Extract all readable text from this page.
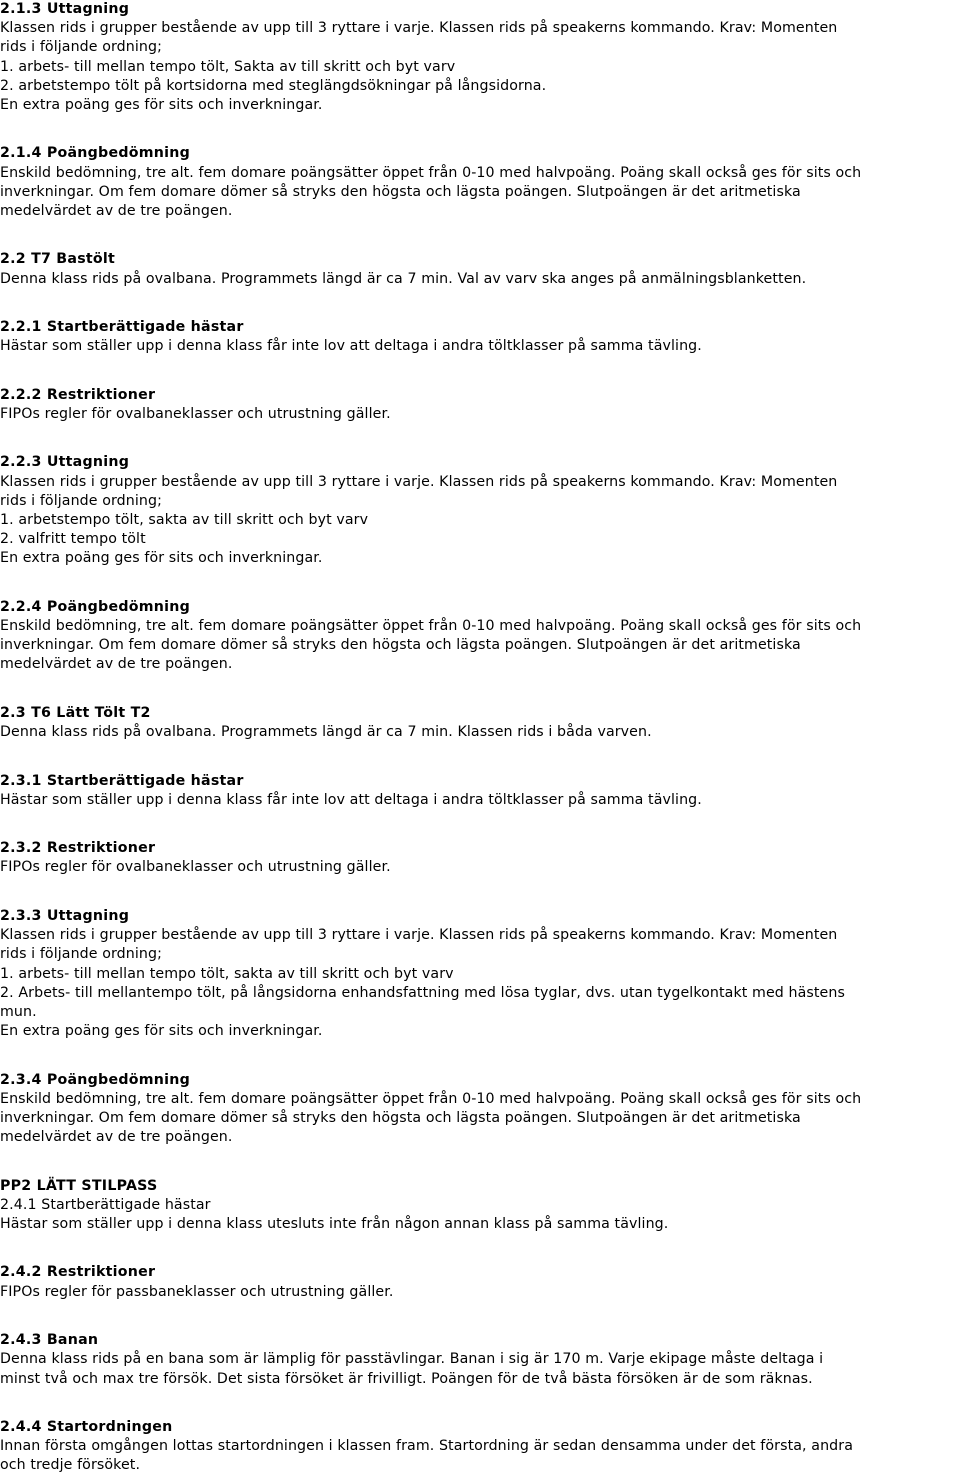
2.1.3 Uttagning
Klassen rids i grupper bestående av upp till 3 ryttare i varje. Klassen rids på speakerns kommando. Krav: Momenten
rids i följande ordning;
1. arbets- till mellan tempo tölt, Sakta av till skritt och byt varv
2. arbetstempo tölt på kortsidorna med steglängdsökningar på långsidorna.
En extra poäng ges för sits och inverkningar.
2.1.4 Poängbedömning
Enskild bedömning, tre alt. fem domare poängsätter öppet från 0-10 med halvpoäng. Poäng skall också ges för sits och
inverkningar. Om fem domare dömer så stryks den högsta och lägsta poängen. Slutpoängen är det aritmetiska
medelvärdet av de tre poängen.
2.2 T7 Bastölt
Denna klass rids på ovalbana. Programmets längd är ca 7 min. Val av varv ska anges på anmälningsblanketten.
2.2.1 Startberättigade hästar
Hästar som ställer upp i denna klass får inte lov att deltaga i andra töltklasser på samma tävling.
2.2.2 Restriktioner
FIPOs regler för ovalbaneklasser och utrustning gäller.
2.2.3 Uttagning
Klassen rids i grupper bestående av upp till 3 ryttare i varje. Klassen rids på speakerns kommando. Krav: Momenten
rids i följande ordning;
1. arbetstempo tölt, sakta av till skritt och byt varv
2. valfritt tempo tölt
En extra poäng ges för sits och inverkningar.
2.2.4 Poängbedömning
Enskild bedömning, tre alt. fem domare poängsätter öppet från 0-10 med halvpoäng. Poäng skall också ges för sits och
inverkningar. Om fem domare dömer så stryks den högsta och lägsta poängen. Slutpoängen är det aritmetiska
medelvärdet av de tre poängen.
2.3 T6 Lätt Tölt T2
Denna klass rids på ovalbana. Programmets längd är ca 7 min. Klassen rids i båda varven.
2.3.1 Startberättigade hästar
Hästar som ställer upp i denna klass får inte lov att deltaga i andra töltklasser på samma tävling.
2.3.2 Restriktioner
FIPOs regler för ovalbaneklasser och utrustning gäller.
2.3.3 Uttagning
Klassen rids i grupper bestående av upp till 3 ryttare i varje. Klassen rids på speakerns kommando. Krav: Momenten
rids i följande ordning;
1. arbets- till mellan tempo tölt, sakta av till skritt och byt varv
2. Arbets- till mellantempo tölt, på långsidorna enhandsfattning med lösa tyglar, dvs. utan tygelkontakt med hästens
mun.
En extra poäng ges för sits och inverkningar.
2.3.4 Poängbedömning
Enskild bedömning, tre alt. fem domare poängsätter öppet från 0-10 med halvpoäng. Poäng skall också ges för sits och
inverkningar. Om fem domare dömer så stryks den högsta och lägsta poängen. Slutpoängen är det aritmetiska
medelvärdet av de tre poängen.
PP2 LÄTT STILPASS
2.4.1 Startberättigade hästar
Hästar som ställer upp i denna klass utesluts inte från någon annan klass på samma tävling.
2.4.2 Restriktioner
FIPOs regler för passbaneklasser och utrustning gäller.
2.4.3 Banan
Denna klass rids på en bana som är lämplig för passtävlingar. Banan i sig är 170 m. Varje ekipage måste deltaga i
minst två och max tre försök. Det sista försöket är frivilligt. Poängen för de två bästa försöken är de som räknas.
2.4.4 Startordningen
Innan första omgången lottas startordningen i klassen fram. Startordning är sedan densamma under det första, andra
och tredje försöket.
